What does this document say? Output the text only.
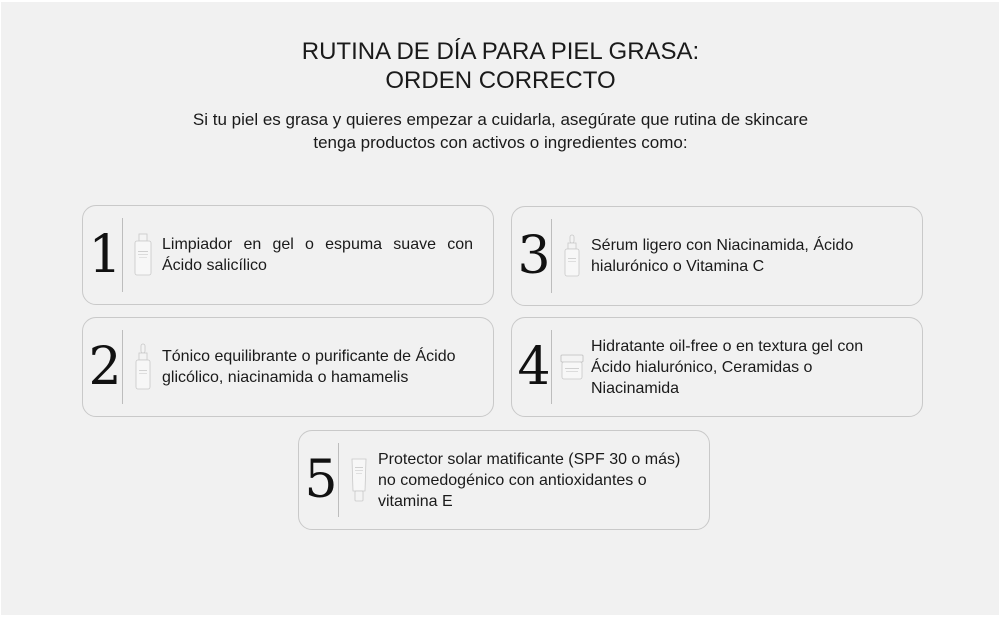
RUTINA DE DÍA PARA PIEL GRASA:
ORDEN CORRECTO
Si tu piel es grasa y quieres empezar a cuidarla, asegúrate que rutina de skincare
tenga productos con activos o ingredientes como:
1	Limpiador en gel o espuma suave con Ácido salicílico	3	Sérum ligero con Niacinamida, Ácido hialurónico o Vitamina C
2	Tónico equilibrante o purificante de Ácido glicólico, niacinamida o hamamelis	4	Hidratante oil-free o en textura gel con Ácido hialurónico, Ceramidas o Niacinamida
5	Protector solar matificante (SPF 30 o más) no comedogénico con antioxidantes o vitamina E
